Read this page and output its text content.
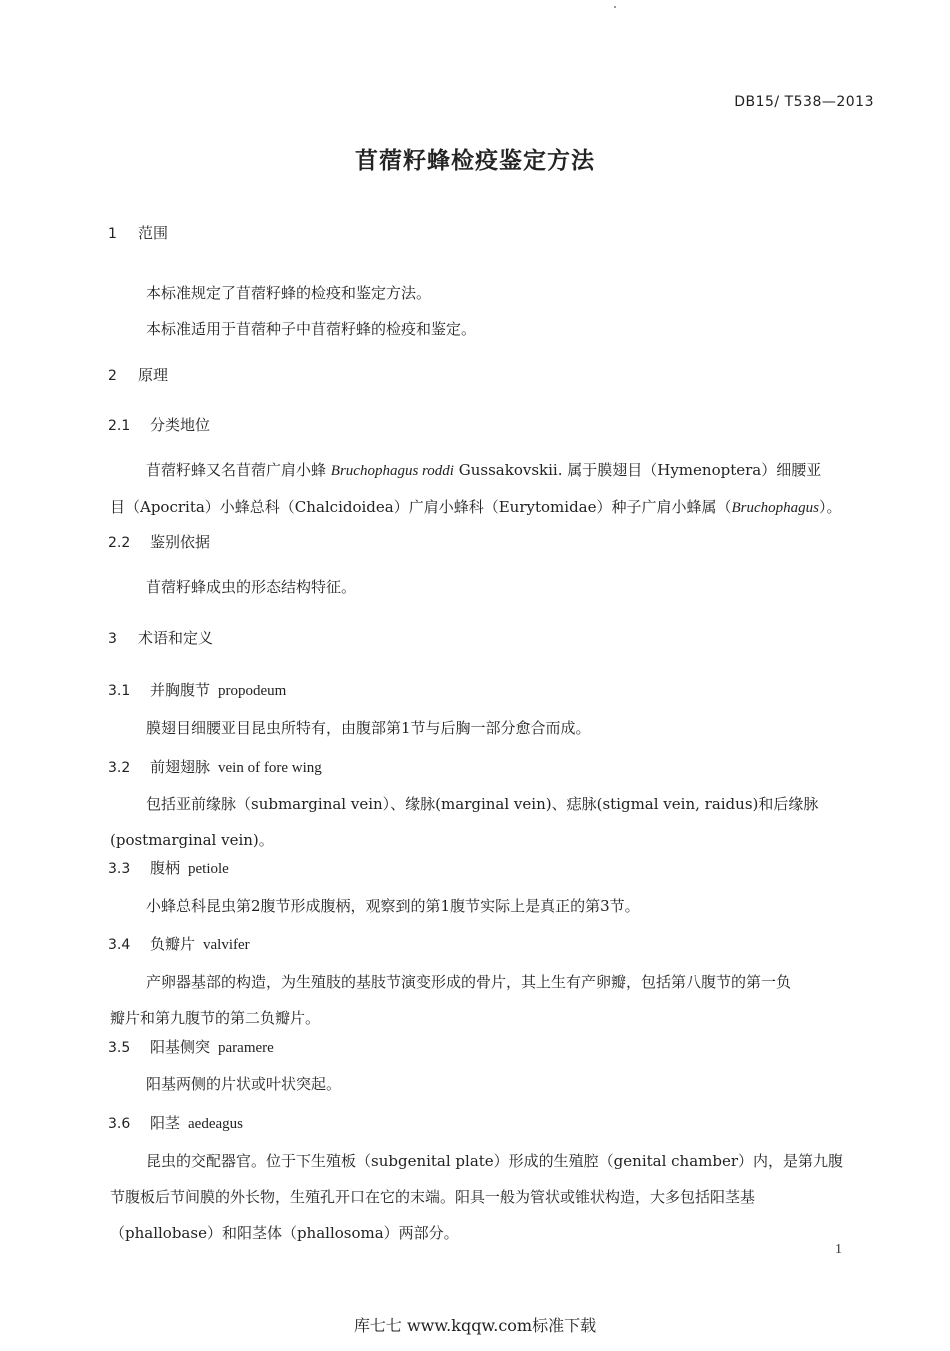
DB15/ T538—2013
苜蓿籽蜂检疫鉴定方法
1 范围
本标准规定了苜蓿籽蜂的检疫和鉴定方法。
本标准适用于苜蓿种子中苜蓿籽蜂的检疫和鉴定。
2 原理
2.1 分类地位
苜蓿籽蜂又名苜蓿广肩小蜂 Bruchophagus roddi Gussakovskii. 属于膜翅目（Hymenoptera）细腰亚
目（Apocrita）小蜂总科（Chalcidoidea）广肩小蜂科（Eurytomidae）种子广肩小蜂属（Bruchophagus）。
2.2 鉴别依据
苜蓿籽蜂成虫的形态结构特征。
3 术语和定义
3.1 并胸腹节 propodeum
膜翅目细腰亚目昆虫所特有，由腹部第1节与后胸一部分愈合而成。
3.2 前翅翅脉 vein of fore wing
包括亚前缘脉（submarginal vein）、缘脉(marginal vein)、痣脉(stigmal vein, raidus)和后缘脉
(postmarginal vein)。
3.3 腹柄 petiole
小蜂总科昆虫第2腹节形成腹柄，观察到的第1腹节实际上是真正的第3节。
3.4 负瓣片 valvifer
产卵器基部的构造，为生殖肢的基肢节演变形成的骨片，其上生有产卵瓣，包括第八腹节的第一负
瓣片和第九腹节的第二负瓣片。
3.5 阳基侧突 paramere
阳基两侧的片状或叶状突起。
3.6 阳茎 aedeagus
昆虫的交配器官。位于下生殖板（subgenital plate）形成的生殖腔（genital chamber）内，是第九腹
节腹板后节间膜的外长物，生殖孔开口在它的末端。阳具一般为管状或锥状构造，大多包括阳茎基
（phallobase）和阳茎体（phallosoma）两部分。
1
库七七 www.kqqw.com标准下载
